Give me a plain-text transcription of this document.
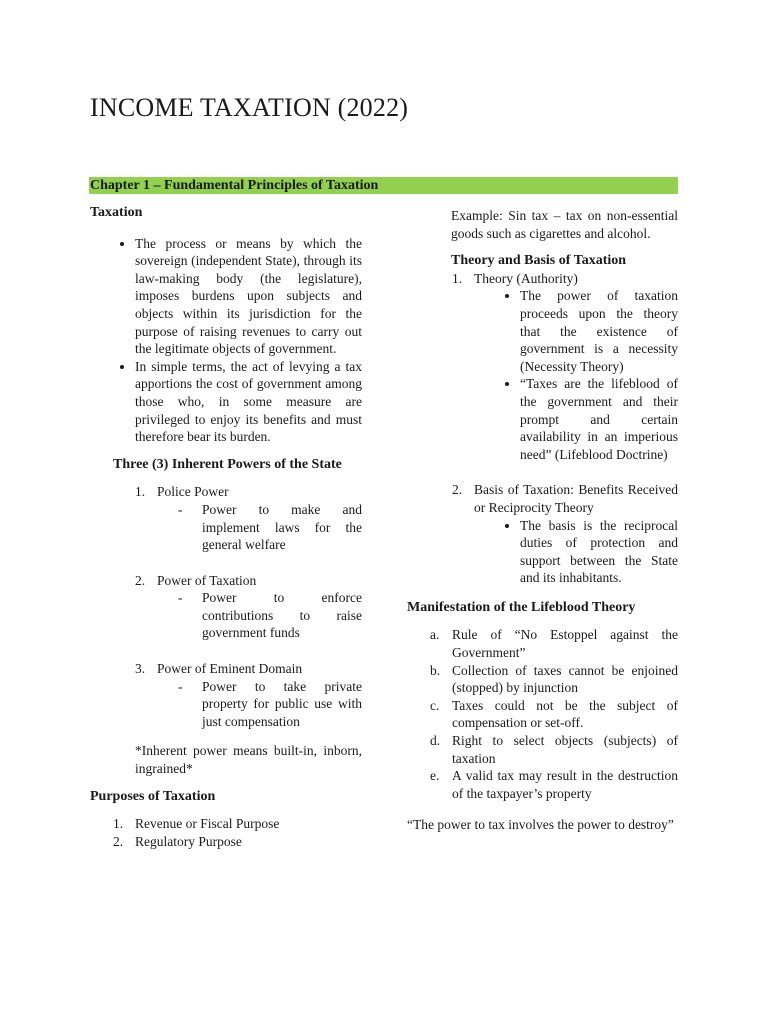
INCOME TAXATION (2022)
Chapter 1 – Fundamental Principles of Taxation
Taxation
• The process or means by which the sovereign (independent State), through its law-making body (the legislature), imposes burdens upon subjects and objects within its jurisdiction for the purpose of raising revenues to carry out the legitimate objects of government.
• In simple terms, the act of levying a tax apportions the cost of government among those who, in some measure are privileged to enjoy its benefits and must therefore bear its burden.
Three (3) Inherent Powers of the State
1. Police Power
- Power to make and implement laws for the general welfare
2. Power of Taxation
- Power to enforce contributions to raise government funds
3. Power of Eminent Domain
- Power to take private property for public use with just compensation
*Inherent power means built-in, inborn, ingrained*
Purposes of Taxation
1. Revenue or Fiscal Purpose
2. Regulatory Purpose
Example: Sin tax – tax on non-essential goods such as cigarettes and alcohol.
Theory and Basis of Taxation
1. Theory (Authority)
• The power of taxation proceeds upon the theory that the existence of government is a necessity (Necessity Theory)
• “Taxes are the lifeblood of the government and their prompt and certain availability in an imperious need” (Lifeblood Doctrine)
2. Basis of Taxation: Benefits Received or Reciprocity Theory
• The basis is the reciprocal duties of protection and support between the State and its inhabitants.
Manifestation of the Lifeblood Theory
a. Rule of “No Estoppel against the Government”
b. Collection of taxes cannot be enjoined (stopped) by injunction
c. Taxes could not be the subject of compensation or set-off.
d. Right to select objects (subjects) of taxation
e. A valid tax may result in the destruction of the taxpayer’s property
“The power to tax involves the power to destroy”
